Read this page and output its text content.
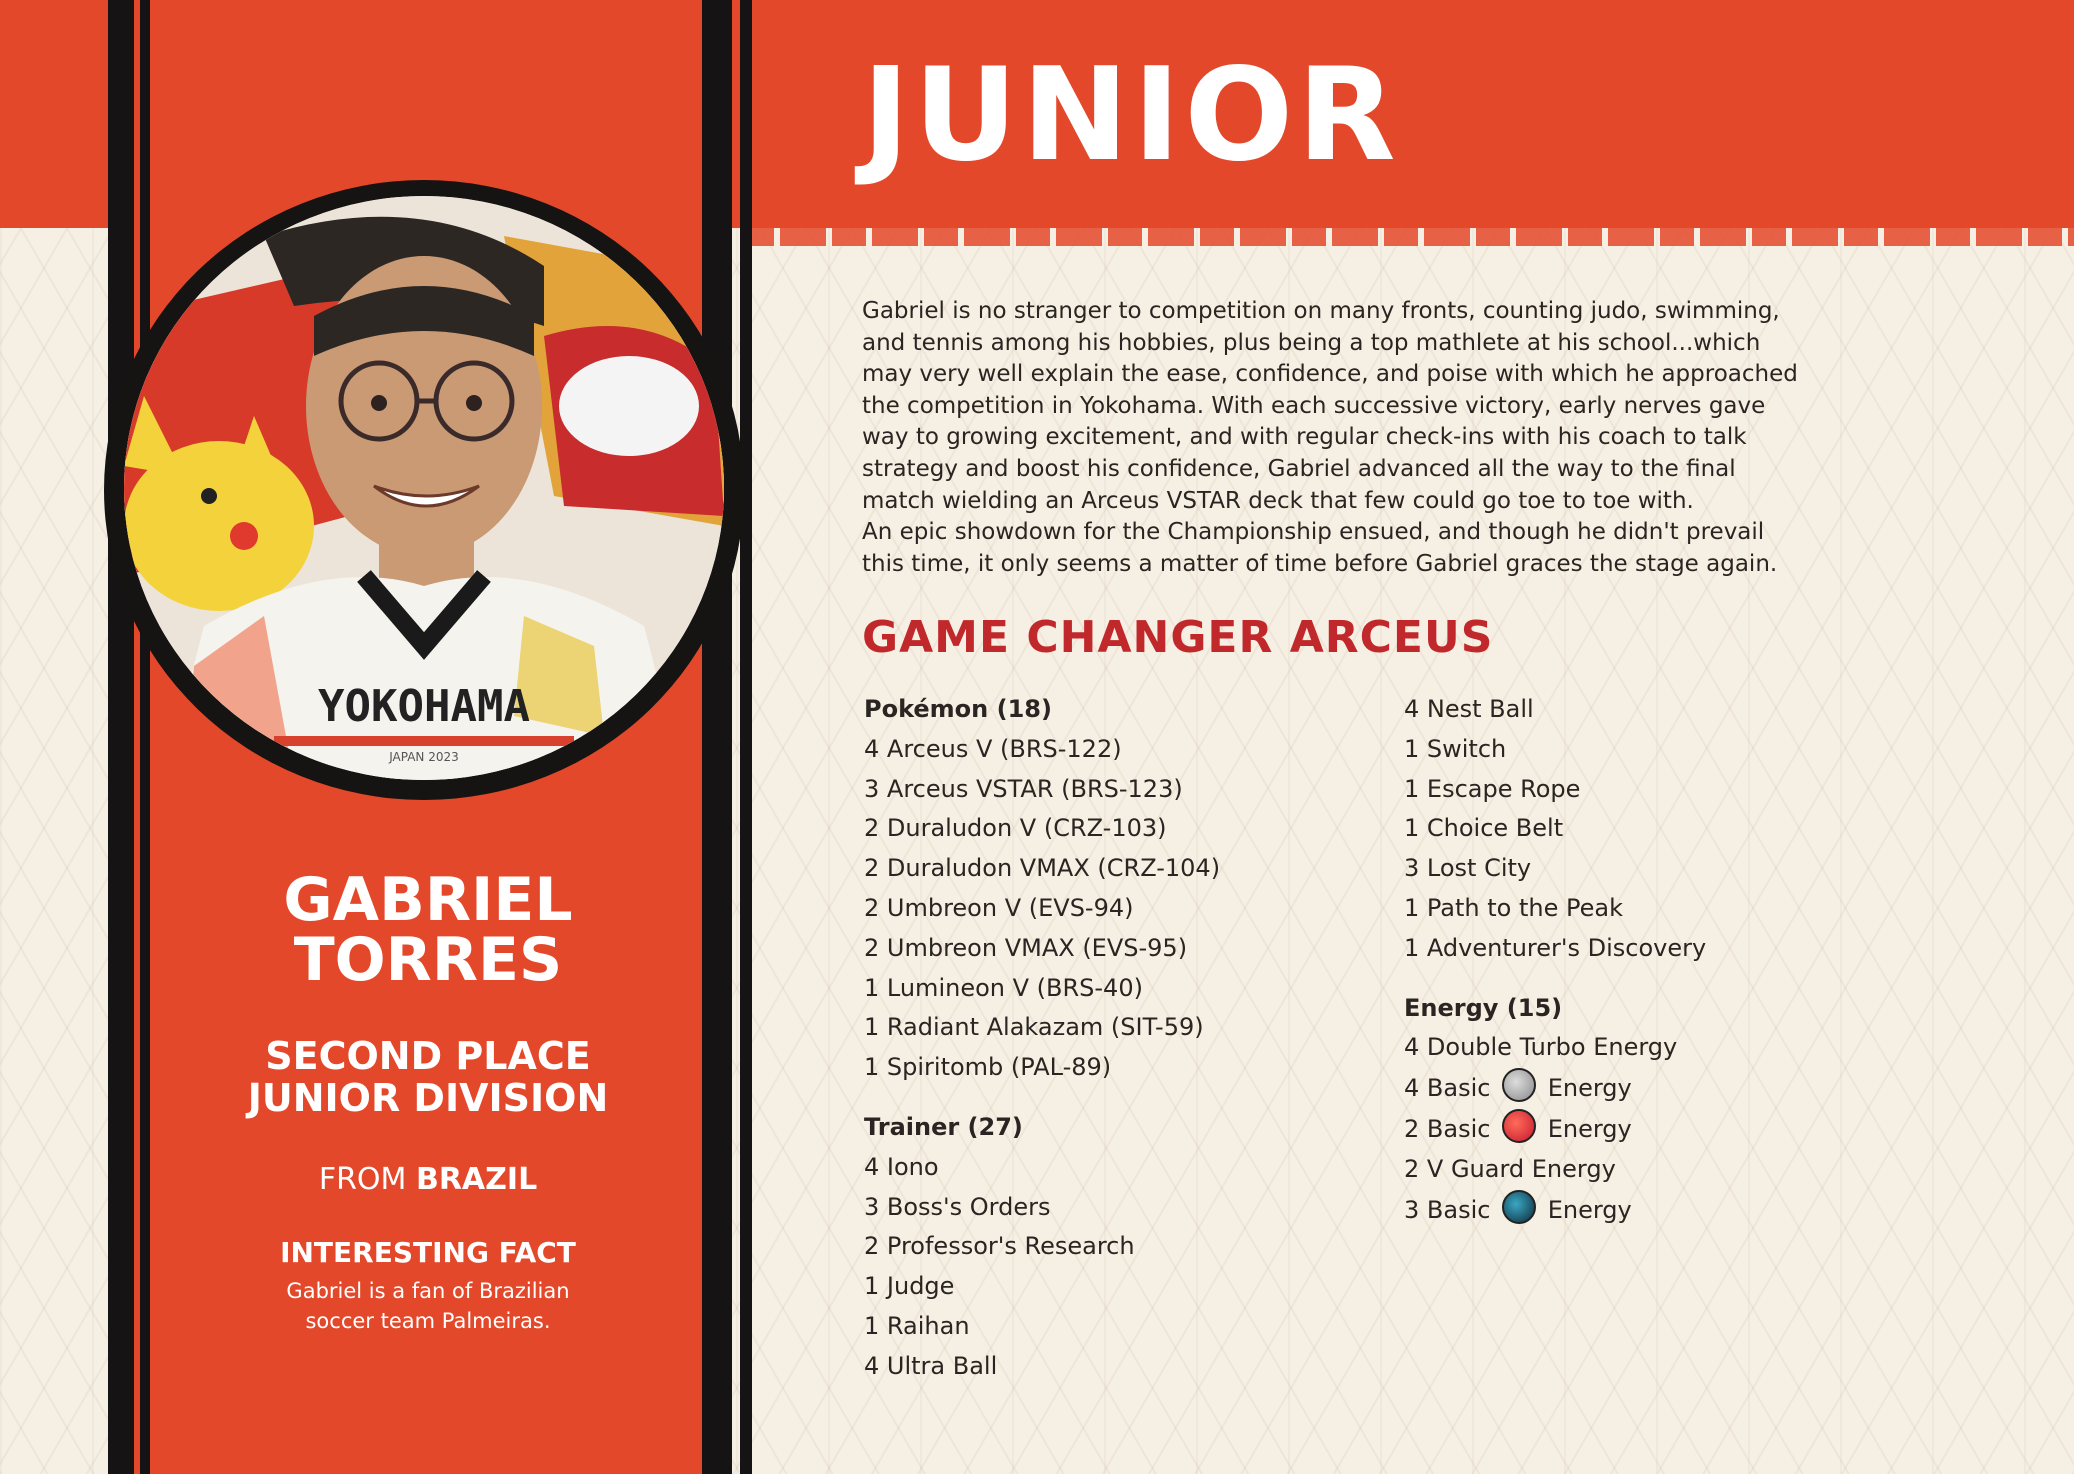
JUNIOR
YOKOHAMA
JAPAN 2023
GABRIEL
TORRES
SECOND PLACE
JUNIOR DIVISION
FROM BRAZIL
INTERESTING FACT
Gabriel is a fan of Brazilian
soccer team Palmeiras.
Gabriel is no stranger to competition on many fronts, counting judo, swimming,
and tennis among his hobbies, plus being a top mathlete at his school...which
may very well explain the ease, confidence, and poise with which he approached
the competition in Yokohama. With each successive victory, early nerves gave
way to growing excitement, and with regular check-ins with his coach to talk
strategy and boost his confidence, Gabriel advanced all the way to the final
match wielding an Arceus VSTAR deck that few could go toe to toe with.
An epic showdown for the Championship ensued, and though he didn't prevail
this time, it only seems a matter of time before Gabriel graces the stage again.
GAME CHANGER ARCEUS
Pokémon (18)
4 Arceus V (BRS-122)
3 Arceus VSTAR (BRS-123)
2 Duraludon V (CRZ-103)
2 Duraludon VMAX (CRZ-104)
2 Umbreon V (EVS-94)
2 Umbreon VMAX (EVS-95)
1 Lumineon V (BRS-40)
1 Radiant Alakazam (SIT-59)
1 Spiritomb (PAL-89)
Trainer (27)
4 Iono
3 Boss's Orders
2 Professor's Research
1 Judge
1 Raihan
4 Ultra Ball
4 Nest Ball
1 Switch
1 Escape Rope
1 Choice Belt
3 Lost City
1 Path to the Peak
1 Adventurer's Discovery
Energy (15)
4 Double Turbo Energy
4 Basic Energy
2 Basic Energy
2 V Guard Energy
3 Basic Energy
